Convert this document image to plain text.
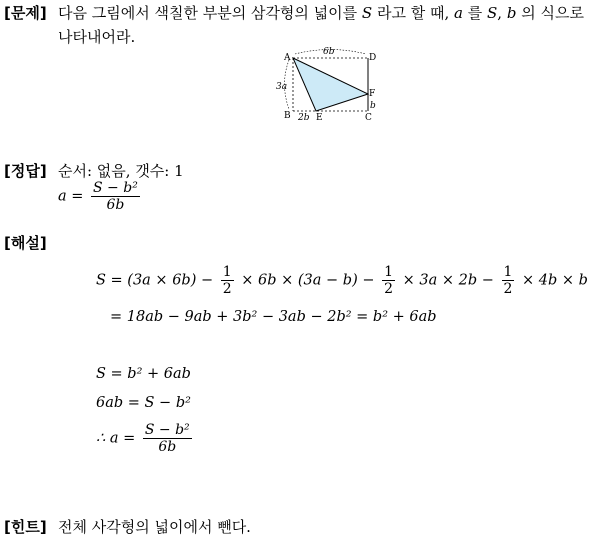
[문제] 다음 그림에서 색칠한 부분의 삼각형의 넓이를 S 라고 할 때, a 를 S, b 의 식으로
나타내어라.
A	D
F
C
B	E
6b
3a
b
2b
[정답] 순서: 없음, 갯수: 1
$a = \frac{\text{S − b²}}{6b}$
[해설]
$S = (3a \times 6b) - \frac{1}{2} \times 6b \times (3a - b) - \frac{1}{2} \times 3a \times 2b - \frac{1}{2} \times 4b \times b$
= 18ab − 9ab + 3b² − 3ab − 2b² = b² + 6ab
S = b² + 6ab
6ab = S − b²
∴ $a = \frac{\text{S − b²}}{6b}$
[힌트] 전체 사각형의 넓이에서 뺀다.
